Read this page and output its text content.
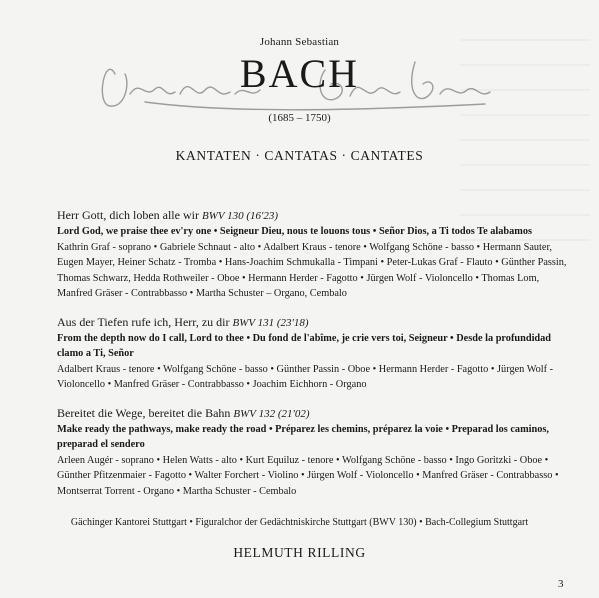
Johann Sebastian
BACH
(1685 – 1750)
KANTATEN · CANTATAS · CANTATES
Herr Gott, dich loben alle wir BWV 130 (16'23)
Lord God, we praise thee ev'ry one • Seigneur Dieu, nous te louons tous • Señor Dios, a Ti todos Te alabamos
Kathrin Graf - soprano • Gabriele Schnaut - alto • Adalbert Kraus - tenore • Wolfgang Schöne - basso • Hermann Sauter, Eugen Mayer, Heiner Schatz - Tromba • Hans-Joachim Schmukalla - Timpani • Peter-Lukas Graf - Flauto • Günther Passin, Thomas Schwarz, Hedda Rothweiler - Oboe • Hermann Herder - Fagotto • Jürgen Wolf - Violoncello • Thomas Lom, Manfred Gräser - Contrabbasso • Martha Schuster – Organo, Cembalo
Aus der Tiefen rufe ich, Herr, zu dir BWV 131 (23'18)
From the depth now do I call, Lord to thee • Du fond de l'abîme, je crie vers toi, Seigneur • Desde la profundidad clamo a Ti, Señor
Adalbert Kraus - tenore • Wolfgang Schöne - basso • Günther Passin - Oboe • Hermann Herder - Fagotto • Jürgen Wolf - Violoncello • Manfred Gräser - Contrabbasso • Joachim Eichhorn - Organo
Bereitet die Wege, bereitet die Bahn BWV 132 (21'02)
Make ready the pathways, make ready the road • Préparez les chemins, préparez la voie • Preparad los caminos, preparad el sendero
Arleen Augér - soprano • Helen Watts - alto • Kurt Equiluz - tenore • Wolfgang Schöne - basso • Ingo Goritzki - Oboe • Günther Pfitzenmaier - Fagotto • Walter Forchert - Violino • Jürgen Wolf - Violoncello • Manfred Gräser - Contrabbasso • Montserrat Torrent - Organo • Martha Schuster - Cembalo
Gächinger Kantorei Stuttgart • Figuralchor der Gedächtniskirche Stuttgart (BWV 130) • Bach-Collegium Stuttgart
HELMUTH RILLING
3
